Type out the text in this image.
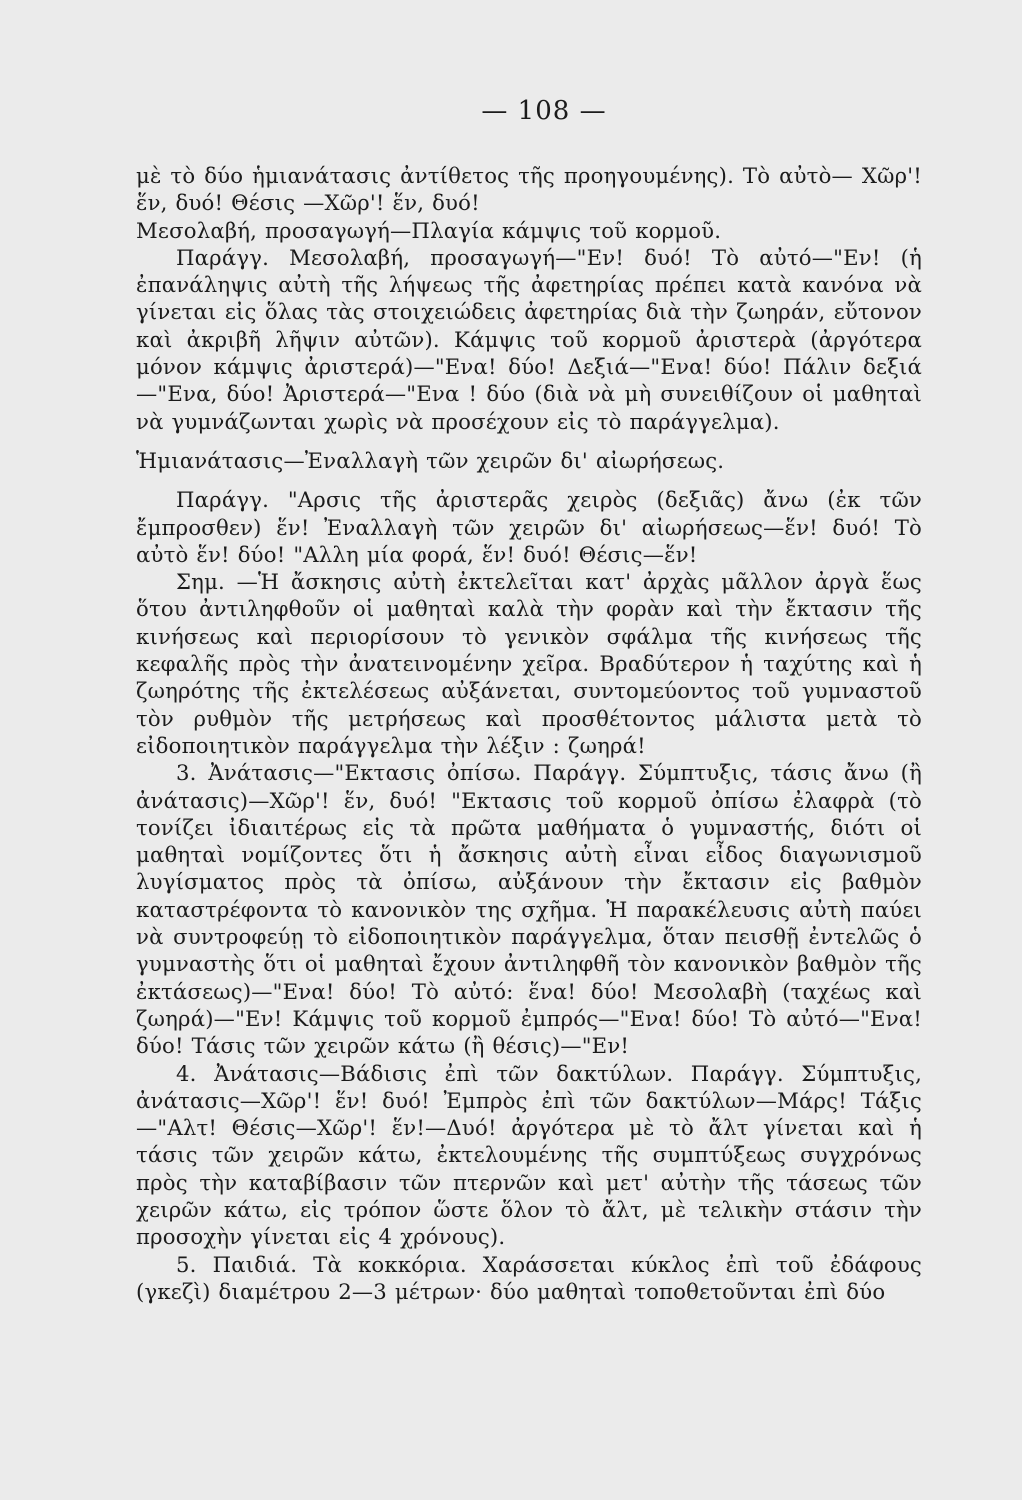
— 108 —

μὲ τὸ δύο ἡμιανάτασις ἀντίθετος τῆς προηγουμένης). Τὸ αὐτὸ— Χῶρ'! ἕν, δυό! Θέσις —Χῶρ'! ἕν, δυό!

Μεσολαβή, προσαγωγή—Πλαγία κάμψις τοῦ κορμοῦ.

Παράγγ. Μεσολαβή, προσαγωγή—"Εν! δυό! Τὸ αὐτό—"Εν! (ἡ ἐπανάληψις αὐτὴ τῆς λήψεως τῆς ἀφετηρίας πρέπει κατὰ κανόνα νὰ γίνεται εἰς ὅλας τὰς στοιχειώδεις ἀφετηρίας διὰ τὴν ζωηράν, εὔτονον καὶ ἀκριβῆ λῆψιν αὐτῶν). Κάμψις τοῦ κορμοῦ ἀριστερὰ (ἀργότερα μόνον κάμψις ἀριστερά)—"Ενα! δύο! Δεξιά—"Ενα! δύο! Πάλιν δεξιά—"Ενα, δύο! Ἀριστερά—"Ενα ! δύο (διὰ νὰ μὴ συνειθίζουν οἱ μαθηταὶ νὰ γυμνάζωνται χωρὶς νὰ προσέχουν εἰς τὸ παράγγελμα).

Ἡμιανάτασις—Ἐναλλαγὴ τῶν χειρῶν δι' αἰωρήσεως.

Παράγγ. "Αρσις τῆς ἀριστερᾶς χειρὸς (δεξιᾶς) ἄνω (ἐκ τῶν ἔμπροσθεν) ἕν! Ἐναλλαγὴ τῶν χειρῶν δι' αἰωρήσεως—ἕν! δυό! Τὸ αὐτὸ ἕν! δύο! "Αλλη μία φορά, ἕν! δυό! Θέσις—ἕν!

Σημ. —Ἡ ἄσκησις αὐτὴ ἐκτελεῖται κατ' ἀρχὰς μᾶλλον ἀργὰ ἕως ὅτου ἀντιληφθοῦν οἱ μαθηταὶ καλὰ τὴν φορὰν καὶ τὴν ἔκτασιν τῆς κινήσεως καὶ περιορίσουν τὸ γενικὸν σφάλμα τῆς κινήσεως τῆς κεφαλῆς πρὸς τὴν ἀνατεινομένην χεῖρα. Βραδύτερον ἡ ταχύτης καὶ ἡ ζωηρότης τῆς ἐκτελέσεως αὐξάνεται, συντομεύοντος τοῦ γυμναστοῦ τὸν ρυθμὸν τῆς μετρήσεως καὶ προσθέτοντος μάλιστα μετὰ τὸ εἰδοποιητικὸν παράγγελμα τὴν λέξιν : ζωηρά!

3. Ἀνάτασις—"Εκτασις ὀπίσω. Παράγγ. Σύμπτυξις, τάσις ἄνω (ἢ ἀνάτασις)—Χῶρ'! ἕν, δυό! "Εκτασις τοῦ κορμοῦ ὀπίσω ἐλαφρὰ (τὸ τονίζει ἰδιαιτέρως εἰς τὰ πρῶτα μαθήματα ὁ γυμναστής, διότι οἱ μαθηταὶ νομίζοντες ὅτι ἡ ἄσκησις αὐτὴ εἶναι εἶδος διαγωνισμοῦ λυγίσματος πρὸς τὰ ὀπίσω, αὐξάνουν τὴν ἔκτασιν εἰς βαθμὸν καταστρέφοντα τὸ κανονικὸν της σχῆμα. Ἡ παρακέλευσις αὐτὴ παύει νὰ συντροφεύῃ τὸ εἰδοποιητικὸν παράγγελμα, ὅταν πεισθῇ ἐντελῶς ὁ γυμναστὴς ὅτι οἱ μαθηταὶ ἔχουν ἀντιληφθῆ τὸν κανονικὸν βαθμὸν τῆς ἐκτάσεως)—"Ενα! δύο! Τὸ αὐτό: ἕνα! δύο! Μεσολαβὴ (ταχέως καὶ ζωηρά)—"Εν! Κάμψις τοῦ κορμοῦ ἐμπρός—"Ενα! δύο! Τὸ αὐτό—"Ενα! δύο! Τάσις τῶν χειρῶν κάτω (ἢ θέσις)—"Εν!

4. Ἀνάτασις—Βάδισις ἐπὶ τῶν δακτύλων. Παράγγ. Σύμπτυξις, ἀνάτασις—Χῶρ'! ἕν! δυό! Ἐμπρὸς ἐπὶ τῶν δακτύλων—Μάρς! Τάξις—"Αλτ! Θέσις—Χῶρ'! ἕν!—Δυό! ἀργότερα μὲ τὸ ἄλτ γίνεται καὶ ἡ τάσις τῶν χειρῶν κάτω, ἐκτελουμένης τῆς συμπτύξεως συγχρόνως πρὸς τὴν καταβίβασιν τῶν πτερνῶν καὶ μετ' αὐτὴν τῆς τάσεως τῶν χειρῶν κάτω, εἰς τρόπον ὥστε ὅλον τὸ ἄλτ, μὲ τελικὴν στάσιν τὴν προσοχὴν γίνεται εἰς 4 χρόνους).

5. Παιδιά. Τὰ κοκκόρια. Χαράσσεται κύκλος ἐπὶ τοῦ ἐδάφους (γκεζὶ) διαμέτρου 2—3 μέτρων· δύο μαθηταὶ τοποθετοῦνται ἐπὶ δύο
